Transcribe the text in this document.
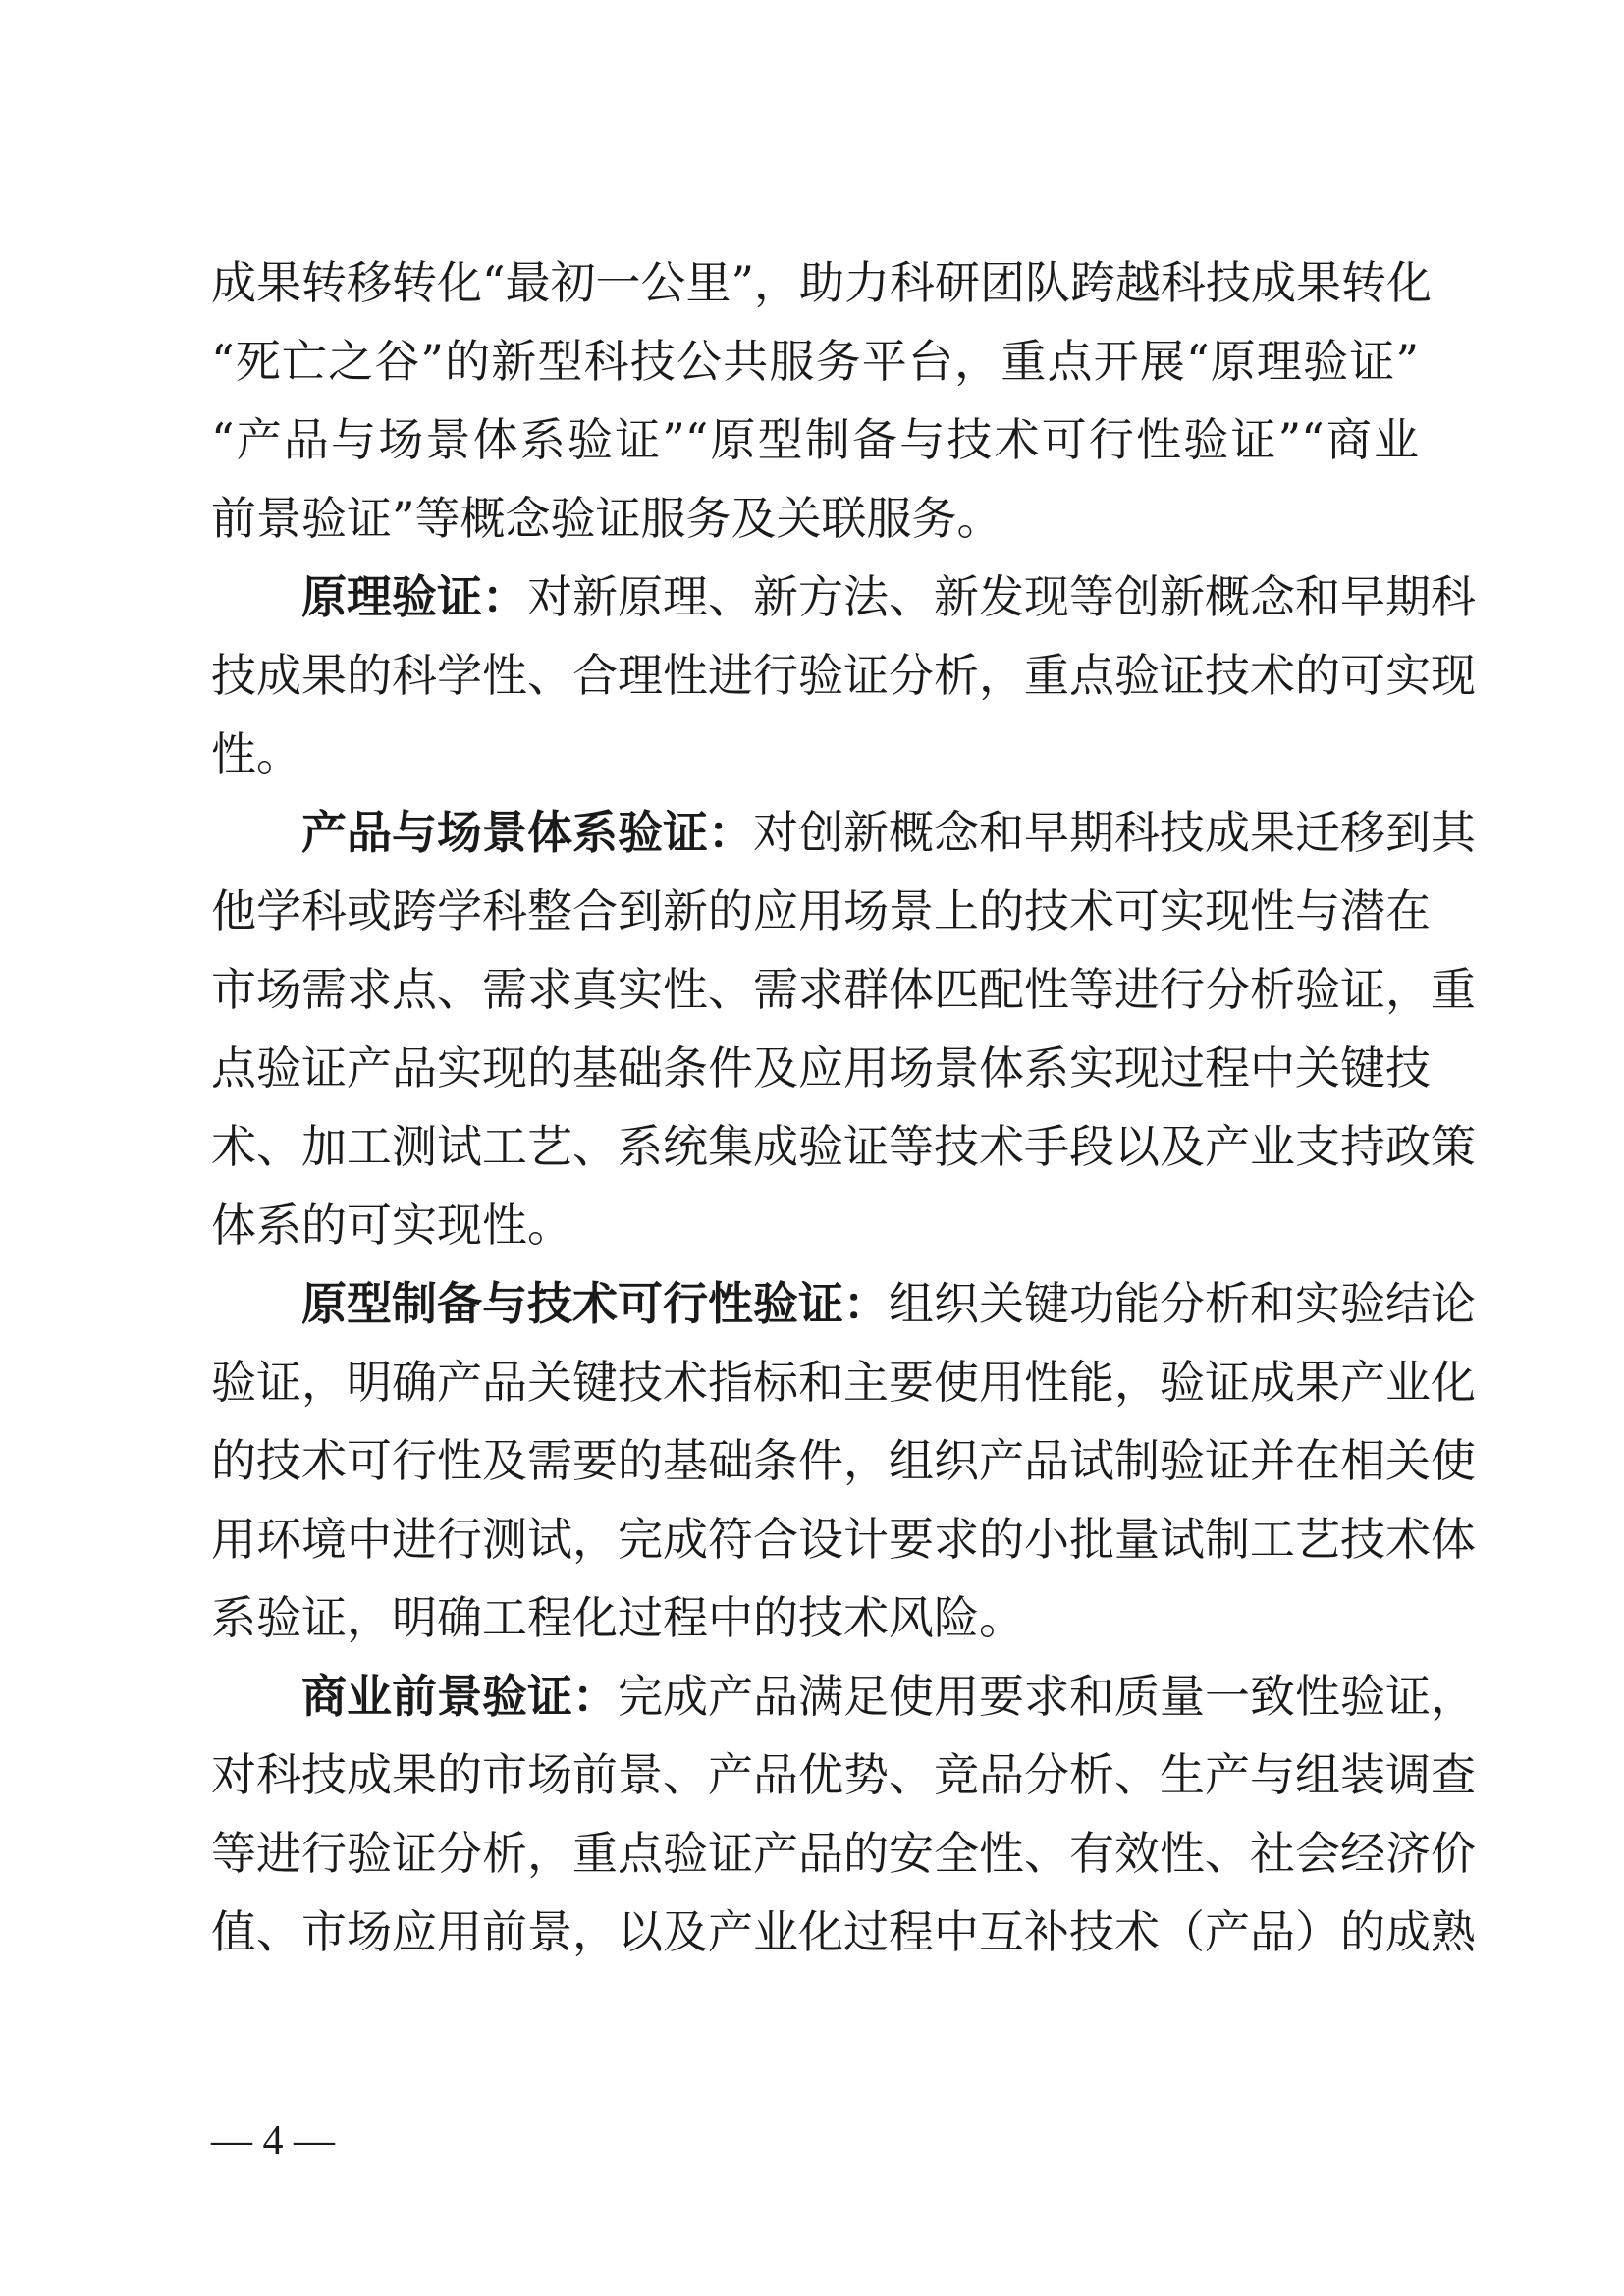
成果转移转化“最初一公里”，助力科研团队跨越科技成果转化
“死亡之谷”的新型科技公共服务平台，重点开展“原理验证”
“产品与场景体系验证”“原型制备与技术可行性验证”“商业
前景验证”等概念验证服务及关联服务。
原理验证：对新原理、新方法、新发现等创新概念和早期科
技成果的科学性、合理性进行验证分析，重点验证技术的可实现
性。
产品与场景体系验证：对创新概念和早期科技成果迁移到其
他学科或跨学科整合到新的应用场景上的技术可实现性与潜在
市场需求点、需求真实性、需求群体匹配性等进行分析验证，重
点验证产品实现的基础条件及应用场景体系实现过程中关键技
术、加工测试工艺、系统集成验证等技术手段以及产业支持政策
体系的可实现性。
原型制备与技术可行性验证：组织关键功能分析和实验结论
验证，明确产品关键技术指标和主要使用性能，验证成果产业化
的技术可行性及需要的基础条件，组织产品试制验证并在相关使
用环境中进行测试，完成符合设计要求的小批量试制工艺技术体
系验证，明确工程化过程中的技术风险。
商业前景验证：完成产品满足使用要求和质量一致性验证，
对科技成果的市场前景、产品优势、竞品分析、生产与组装调查
等进行验证分析，重点验证产品的安全性、有效性、社会经济价
值、市场应用前景，以及产业化过程中互补技术（产品）的成熟
— 4 —
